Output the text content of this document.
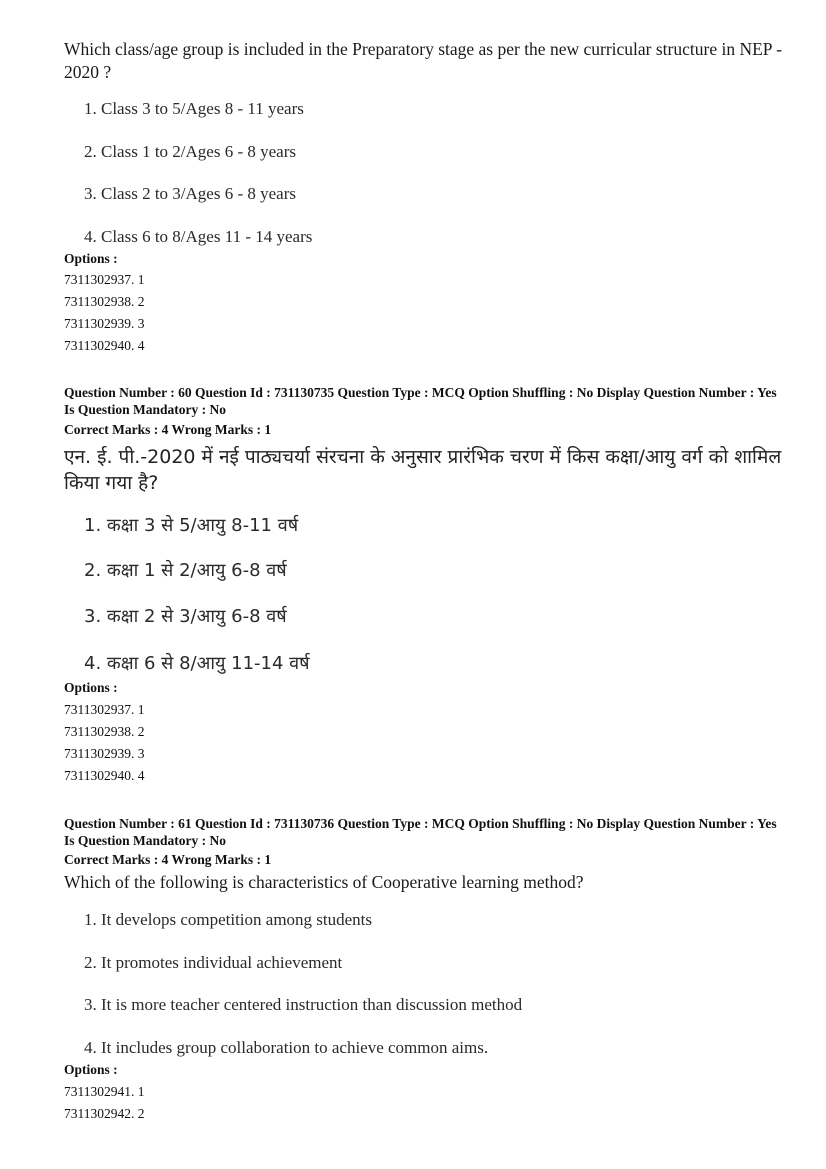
Which class/age group is included in the Preparatory stage as per the new curricular structure in NEP - 2020 ?
1. Class 3 to 5/Ages 8 - 11 years
2. Class 1 to 2/Ages 6 - 8 years
3. Class 2 to 3/Ages 6 - 8 years
4. Class 6 to 8/Ages 11 - 14 years
Options :
7311302937. 1
7311302938. 2
7311302939. 3
7311302940. 4
Question Number : 60 Question Id : 731130735 Question Type : MCQ Option Shuffling : No Display Question Number : Yes Is Question Mandatory : No
Correct Marks : 4 Wrong Marks : 1
एन. ई. पी.-2020 में नई पाठ्यचर्या संरचना के अनुसार प्रारंभिक चरण में किस कक्षा/आयु वर्ग को शामिल किया गया है?
1. कक्षा 3 से 5/आयु 8-11 वर्ष
2. कक्षा 1 से 2/आयु 6-8 वर्ष
3. कक्षा 2 से 3/आयु 6-8 वर्ष
4. कक्षा 6 से 8/आयु 11-14 वर्ष
Options :
7311302937. 1
7311302938. 2
7311302939. 3
7311302940. 4
Question Number : 61 Question Id : 731130736 Question Type : MCQ Option Shuffling : No Display Question Number : Yes Is Question Mandatory : No
Correct Marks : 4 Wrong Marks : 1
Which of the following is characteristics of Cooperative learning method?
1. It develops competition among students
2. It promotes individual achievement
3. It is more teacher centered instruction than discussion method
4. It includes group collaboration to achieve common aims.
Options :
7311302941. 1
7311302942. 2
